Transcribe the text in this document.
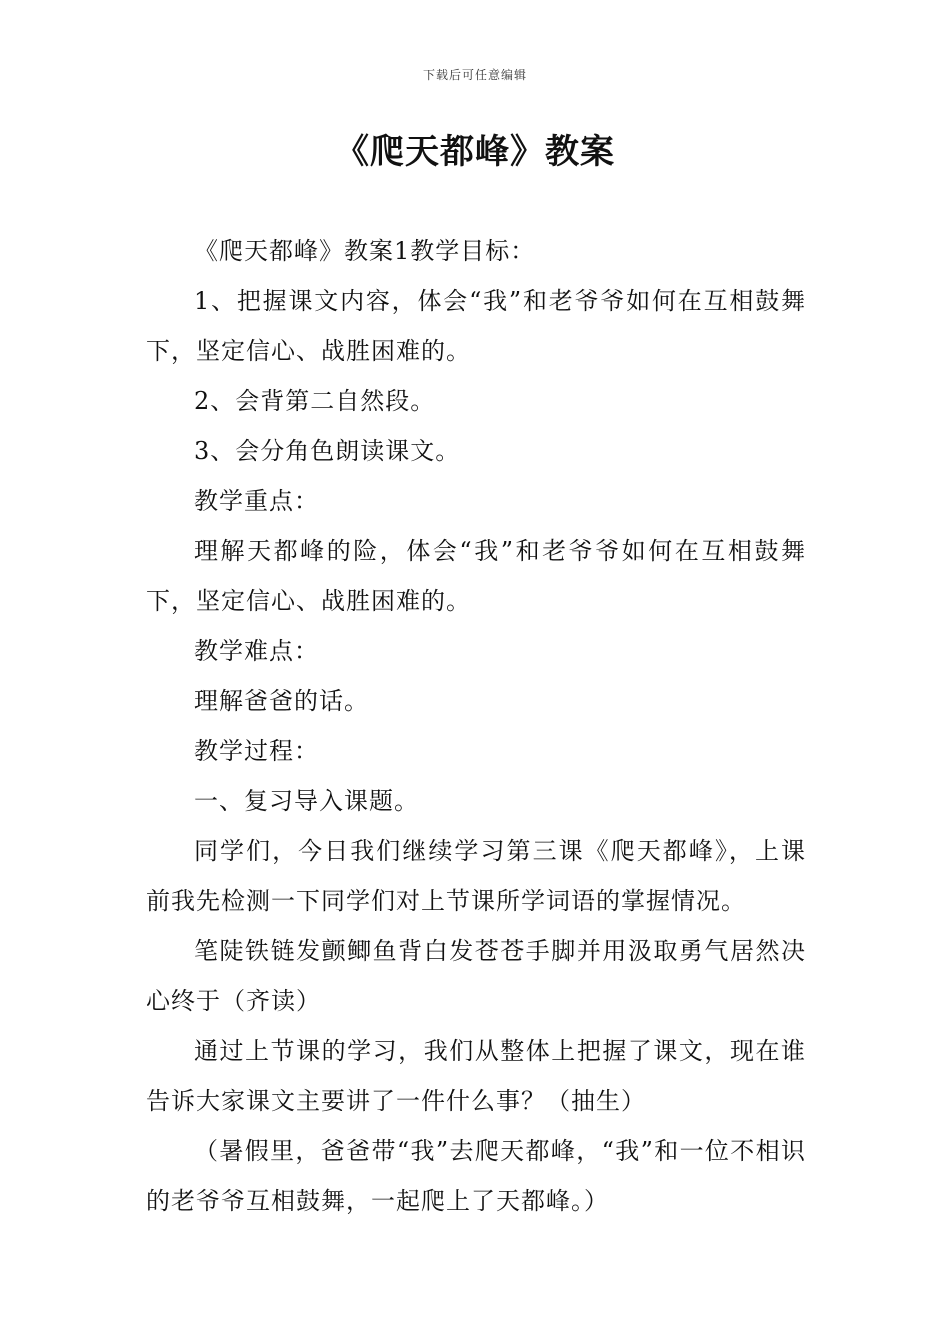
下载后可任意编辑
《爬天都峰》教案

《爬天都峰》教案1教学目标：

1、把握课文内容，体会“我”和老爷爷如何在互相鼓舞下，坚定信心、战胜困难的。

2、会背第二自然段。

3、会分角色朗读课文。

教学重点：

理解天都峰的险，体会“我”和老爷爷如何在互相鼓舞下，坚定信心、战胜困难的。

教学难点：

理解爸爸的话。

教学过程：

一、复习导入课题。

同学们，今日我们继续学习第三课《爬天都峰》，上课前我先检测一下同学们对上节课所学词语的掌握情况。

笔陡铁链发颤鲫鱼背白发苍苍手脚并用汲取勇气居然决心终于（齐读）

通过上节课的学习，我们从整体上把握了课文，现在谁告诉大家课文主要讲了一件什么事？（抽生）

（暑假里，爸爸带“我”去爬天都峰，“我”和一位不相识的老爷爷互相鼓舞，一起爬上了天都峰。）
